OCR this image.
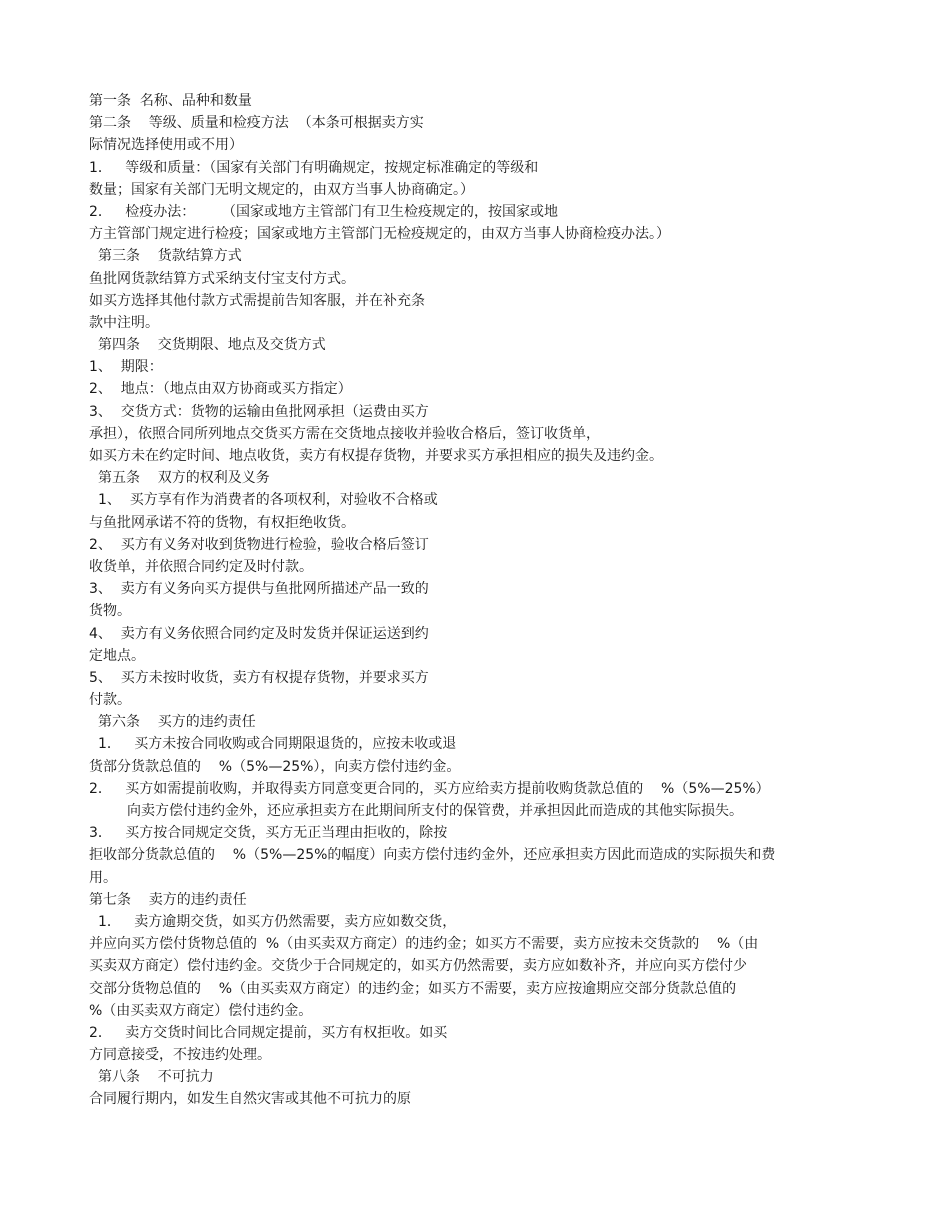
第一条  名称、品种和数量
第二条    等级、质量和检疫方法  （本条可根据卖方实
际情况选择使用或不用）
1．   等级和质量：（国家有关部门有明确规定，按规定标准确定的等级和
数量；国家有关部门无明文规定的，由双方当事人协商确定。）
2．   检疫办法：      （国家或地方主管部门有卫生检疫规定的，按国家或地
方主管部门规定进行检疫；国家或地方主管部门无检疫规定的，由双方当事人协商检疫办法。）
第三条    货款结算方式
鱼批网货款结算方式采纳支付宝支付方式。
如买方选择其他付款方式需提前告知客服，并在补充条
款中注明。
第四条    交货期限、地点及交货方式
1、  期限：
2、  地点：（地点由双方协商或买方指定）
3、  交货方式：货物的运输由鱼批网承担（运费由买方
承担），依照合同所列地点交货买方需在交货地点接收并验收合格后，签订收货单，
如买方未在约定时间、地点收货，卖方有权提存货物，并要求买方承担相应的损失及违约金。
第五条    双方的权利及义务
1、  买方享有作为消费者的各项权利，对验收不合格或
与鱼批网承诺不符的货物，有权拒绝收货。
2、  买方有义务对收到货物进行检验，验收合格后签订
收货单，并依照合同约定及时付款。
3、  卖方有义务向买方提供与鱼批网所描述产品一致的
货物。
4、  卖方有义务依照合同约定及时发货并保证运送到约
定地点。
5、  买方未按时收货，卖方有权提存货物，并要求买方
付款。
第六条    买方的违约责任
1．   买方未按合同收购或合同期限退货的，应按未收或退
货部分货款总值的    %（5%—25%），向卖方偿付违约金。
2．   买方如需提前收购，并取得卖方同意变更合同的，买方应给卖方提前收购货款总值的    %（5%—25%）
向卖方偿付违约金外，还应承担卖方在此期间所支付的保管费，并承担因此而造成的其他实际损失。
3．   买方按合同规定交货，买方无正当理由拒收的，除按
拒收部分货款总值的    %（5%—25%的幅度）向卖方偿付违约金外，还应承担卖方因此而造成的实际损失和费
用。
第七条    卖方的违约责任
1．   卖方逾期交货，如买方仍然需要，卖方应如数交货，
并应向买方偿付货物总值的  %（由买卖双方商定）的违约金；如买方不需要，卖方应按未交货款的    %（由
买卖双方商定）偿付违约金。交货少于合同规定的，如买方仍然需要，卖方应如数补齐，并应向买方偿付少
交部分货物总值的    %（由买卖双方商定）的违约金；如买方不需要，卖方应按逾期应交部分货款总值的
%（由买卖双方商定）偿付违约金。
2．   卖方交货时间比合同规定提前，买方有权拒收。如买
方同意接受，不按违约处理。
第八条    不可抗力
合同履行期内，如发生自然灾害或其他不可抗力的原
